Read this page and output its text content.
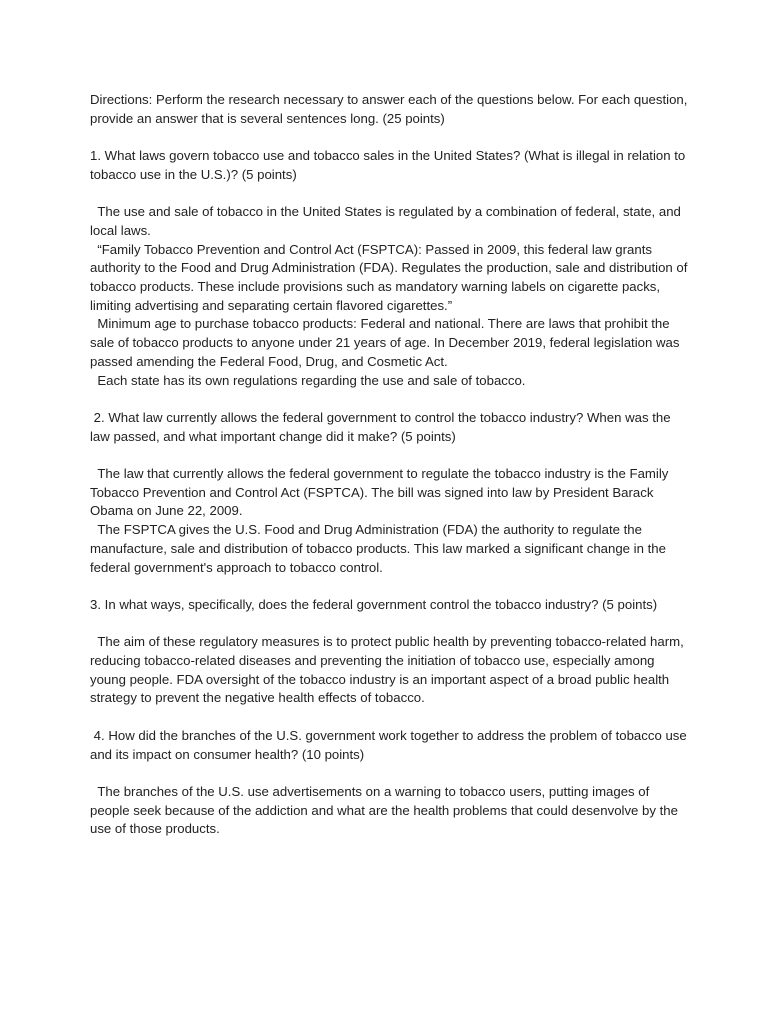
Directions: Perform the research necessary to answer each of the questions below. For each question, provide an answer that is several sentences long. (25 points)

1. What laws govern tobacco use and tobacco sales in the United States? (What is illegal in relation to tobacco use in the U.S.)? (5 points)

The use and sale of tobacco in the United States is regulated by a combination of federal, state, and local laws.

“Family Tobacco Prevention and Control Act (FSPTCA): Passed in 2009, this federal law grants authority to the Food and Drug Administration (FDA). Regulates the production, sale and distribution of tobacco products. These include provisions such as mandatory warning labels on cigarette packs, limiting advertising and separating certain flavored cigarettes.”

Minimum age to purchase tobacco products: Federal and national. There are laws that prohibit the sale of tobacco products to anyone under 21 years of age. In December 2019, federal legislation was passed amending the Federal Food, Drug, and Cosmetic Act.

Each state has its own regulations regarding the use and sale of tobacco.

2. What law currently allows the federal government to control the tobacco industry? When was the law passed, and what important change did it make? (5 points)

The law that currently allows the federal government to regulate the tobacco industry is the Family Tobacco Prevention and Control Act (FSPTCA). The bill was signed into law by President Barack Obama on June 22, 2009.

The FSPTCA gives the U.S. Food and Drug Administration (FDA) the authority to regulate the manufacture, sale and distribution of tobacco products. This law marked a significant change in the federal government's approach to tobacco control.

3. In what ways, specifically, does the federal government control the tobacco industry? (5 points)

The aim of these regulatory measures is to protect public health by preventing tobacco-related harm, reducing tobacco-related diseases and preventing the initiation of tobacco use, especially among young people. FDA oversight of the tobacco industry is an important aspect of a broad public health strategy to prevent the negative health effects of tobacco.

4. How did the branches of the U.S. government work together to address the problem of tobacco use and its impact on consumer health? (10 points)

The branches of the U.S. use advertisements on a warning to tobacco users, putting images of people seek because of the addiction and what are the health problems that could desenvolve by the use of those products.
